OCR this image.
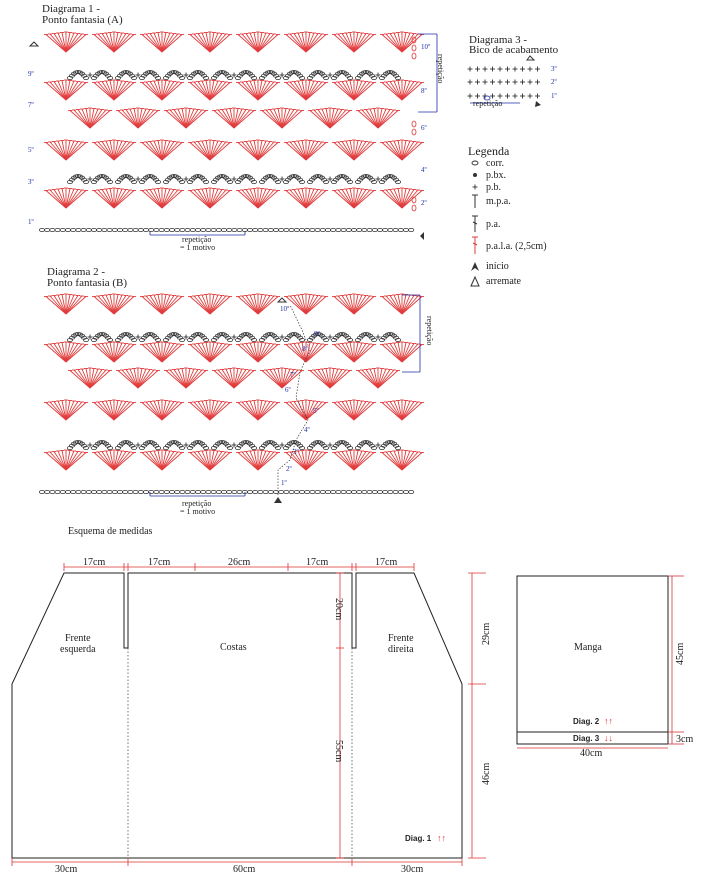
Diagrama 1 -
Ponto fantasia (A)
repetição
= 1 motivo
repetição
9º
7º
5º
3º
1º
10º
8º
6º
4º
2º
Diagrama 2 -
Ponto fantasia (B)
repetição
= 1 motivo
repetição
10º
9º
8º
7º
6º
5º
4º
3º
2º
1º
Diagrama 3 -
Bico de acabamento
repetição
3º
2º
1º
Legenda
corr.
p.bx.
p.b.
m.p.a.
p.a.
p.a.l.a. (2,5cm)
início
arremate
Esquema de medidas
17cm	17cm	26cm	17cm	17cm
Frente
esquerda	Costas
Frente
direita
20cm
55cm
29cm
46cm
Diag. 1 ↑↑
30cm	60cm	30cm
Manga	45cm
3cm
40cm
Diag. 2 ↑↑
Diag. 3 ↓↓
